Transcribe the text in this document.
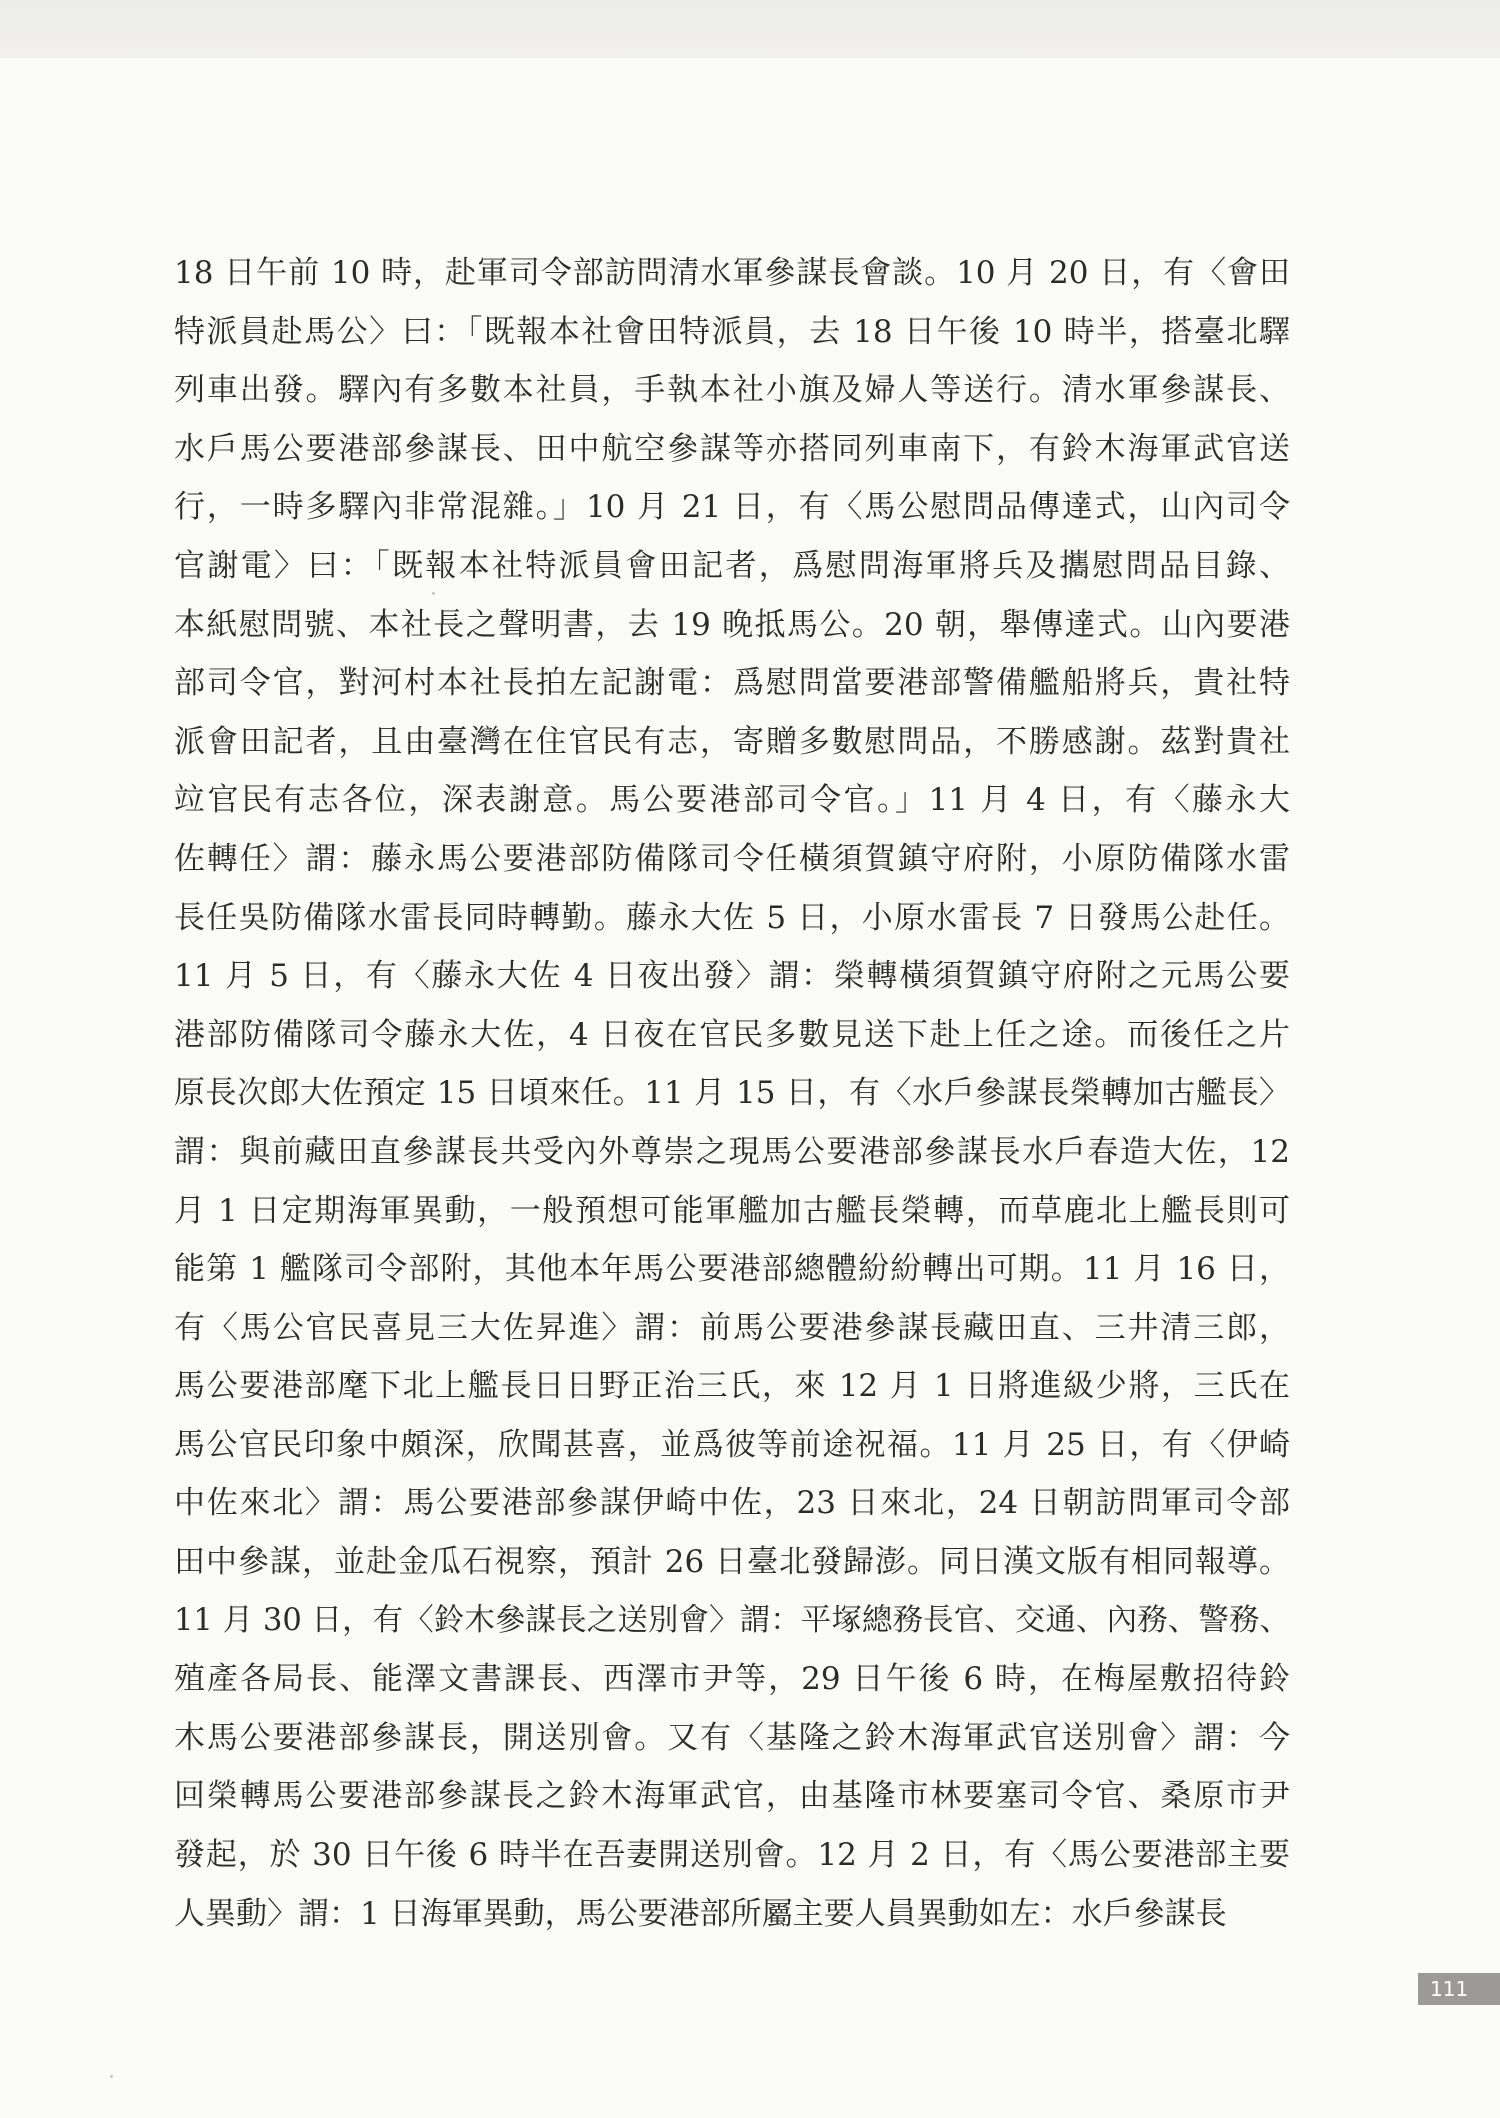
18 日午前 10 時，赴軍司令部訪問清水軍參謀長會談。10 月 20 日，有〈會田
特派員赴馬公〉曰：「既報本社會田特派員，去 18 日午後 10 時半，搭臺北驛
列車出發。驛內有多數本社員，手執本社小旗及婦人等送行。清水軍參謀長、
水戶馬公要港部參謀長、田中航空參謀等亦搭同列車南下，有鈴木海軍武官送
行，一時多驛內非常混雜。」10 月 21 日，有〈馬公慰問品傳達式，山內司令
官謝電〉曰：「既報本社特派員會田記者，爲慰問海軍將兵及攜慰問品目錄、
本紙慰問號、本社長之聲明書，去 19 晚抵馬公。20 朝，舉傳達式。山內要港
部司令官，對河村本社長拍左記謝電：爲慰問當要港部警備艦船將兵，貴社特
派會田記者，且由臺灣在住官民有志，寄贈多數慰問品，不勝感謝。茲對貴社
竝官民有志各位，深表謝意。馬公要港部司令官。」11 月 4 日，有〈藤永大
佐轉任〉謂：藤永馬公要港部防備隊司令任橫須賀鎮守府附，小原防備隊水雷
長任吳防備隊水雷長同時轉勤。藤永大佐 5 日，小原水雷長 7 日發馬公赴任。
11 月 5 日，有〈藤永大佐 4 日夜出發〉謂：榮轉橫須賀鎮守府附之元馬公要
港部防備隊司令藤永大佐，4 日夜在官民多數見送下赴上任之途。而後任之片
原長次郎大佐預定 15 日頃來任。11 月 15 日，有〈水戶參謀長榮轉加古艦長〉
謂：與前藏田直參謀長共受內外尊崇之現馬公要港部參謀長水戶春造大佐，12
月 1 日定期海軍異動，一般預想可能軍艦加古艦長榮轉，而草鹿北上艦長則可
能第 1 艦隊司令部附，其他本年馬公要港部總體紛紛轉出可期。11 月 16 日，
有〈馬公官民喜見三大佐昇進〉謂：前馬公要港參謀長藏田直、三井清三郎，
馬公要港部麾下北上艦長日日野正治三氏，來 12 月 1 日將進級少將，三氏在
馬公官民印象中頗深，欣聞甚喜，並爲彼等前途祝福。11 月 25 日，有〈伊崎
中佐來北〉謂：馬公要港部參謀伊崎中佐，23 日來北，24 日朝訪問軍司令部
田中參謀，並赴金瓜石視察，預計 26 日臺北發歸澎。同日漢文版有相同報導。
11 月 30 日，有〈鈴木參謀長之送別會〉謂：平塚總務長官、交通、內務、警務、
殖產各局長、能澤文書課長、西澤市尹等，29 日午後 6 時，在梅屋敷招待鈴
木馬公要港部參謀長，開送別會。又有〈基隆之鈴木海軍武官送別會〉謂：今
回榮轉馬公要港部參謀長之鈴木海軍武官，由基隆市林要塞司令官、桑原市尹
發起，於 30 日午後 6 時半在吾妻開送別會。12 月 2 日，有〈馬公要港部主要
人異動〉謂：1 日海軍異動，馬公要港部所屬主要人員異動如左：水戶參謀長
111
